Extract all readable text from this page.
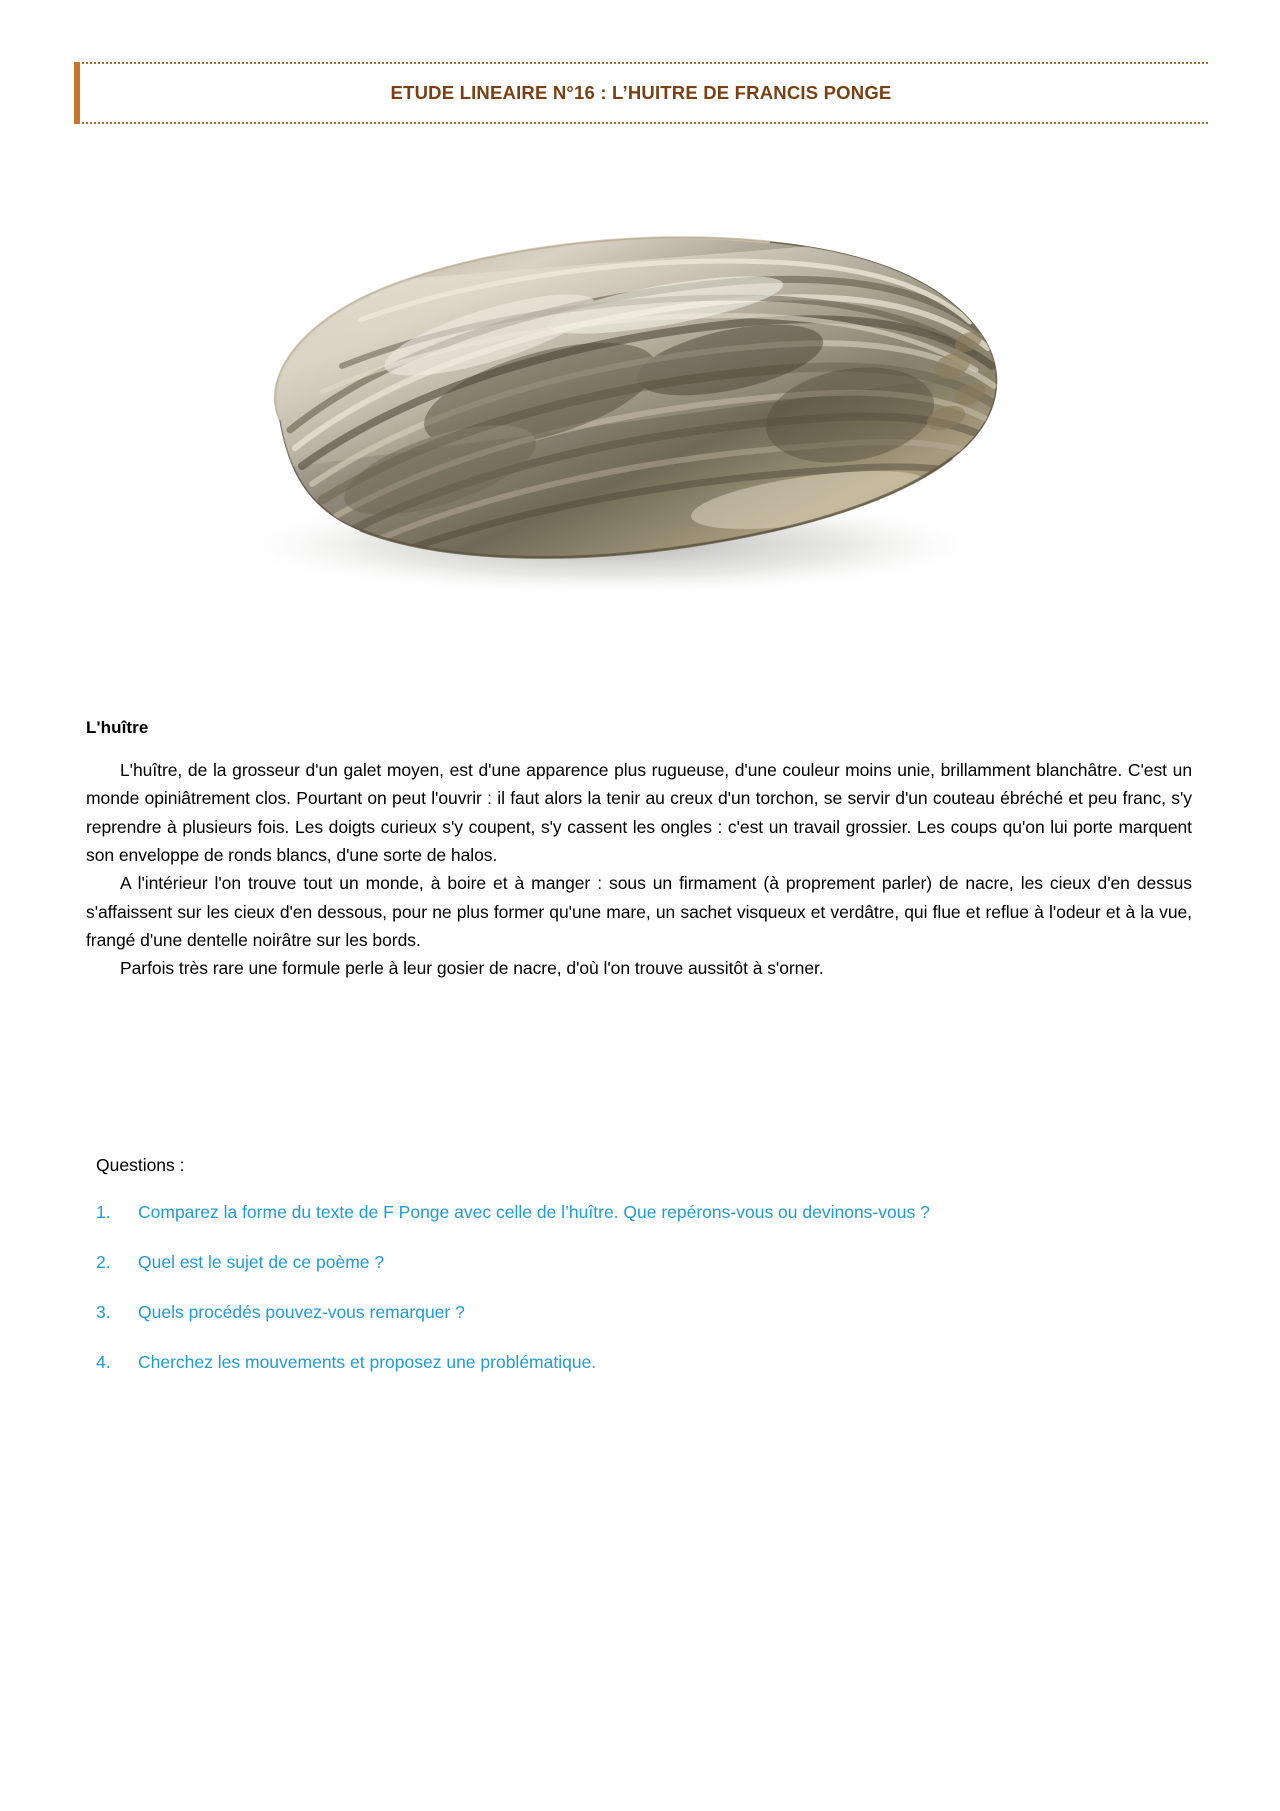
ETUDE LINEAIRE N°16 : L’HUITRE DE FRANCIS PONGE
L'huître

L'huître, de la grosseur d'un galet moyen, est d'une apparence plus rugueuse, d'une couleur moins unie, brillamment blanchâtre. C'est un monde opiniâtrement clos. Pourtant on peut l'ouvrir : il faut alors la tenir au creux d'un torchon, se servir d'un couteau ébréché et peu franc, s'y reprendre à plusieurs fois. Les doigts curieux s'y coupent, s'y cassent les ongles : c'est un travail grossier. Les coups qu'on lui porte marquent son enveloppe de ronds blancs, d'une sorte de halos.

A l'intérieur l'on trouve tout un monde, à boire et à manger : sous un firmament (à proprement parler) de nacre, les cieux d'en dessus s'affaissent sur les cieux d'en dessous, pour ne plus former qu'une mare, un sachet visqueux et verdâtre, qui flue et reflue à l'odeur et à la vue, frangé d'une dentelle noirâtre sur les bords.

Parfois très rare une formule perle à leur gosier de nacre, d'où l'on trouve aussitôt à s'orner.

Questions :
1.	Comparez la forme du texte de F Ponge avec celle de l’huître. Que repérons-vous ou devinons-vous ?
2.	Quel est le sujet de ce poème ?
3.	Quels procédés pouvez-vous remarquer ?
4.	Cherchez les mouvements et proposez une problématique.
